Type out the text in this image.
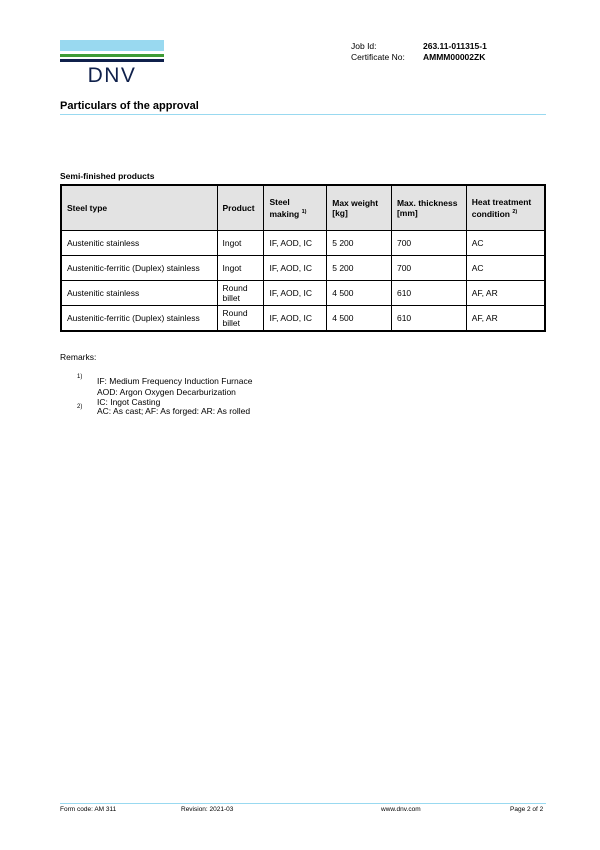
DNV
Job Id:
Certificate No:
263.11-011315-1
AMMM00002ZK
Particulars of the approval
Semi-finished products
Steel type	Product	Steel making $^{1)}$	Max weight [kg]	Max. thickness [mm]	Heat treatment condition $^{2)}$
Austenitic stainless	Ingot	IF, AOD, IC	5 200	700	AC
Austenitic-ferritic (Duplex) stainless	Ingot	IF, AOD, IC	5 200	700	AC
Austenitic stainless	Round billet	IF, AOD, IC	4 500	610	AF, AR
Austenitic-ferritic (Duplex) stainless	Round billet	IF, AOD, IC	4 500	610	AF, AR
Remarks:
1) IF: Medium Frequency Induction Furnace
AOD: Argon Oxygen Decarburization
IC: Ingot Casting
2) AC: As cast; AF: As forged: AR: As rolled
Form code: AM 311	Revision: 2021-03	www.dnv.com	Page 2 of 2
